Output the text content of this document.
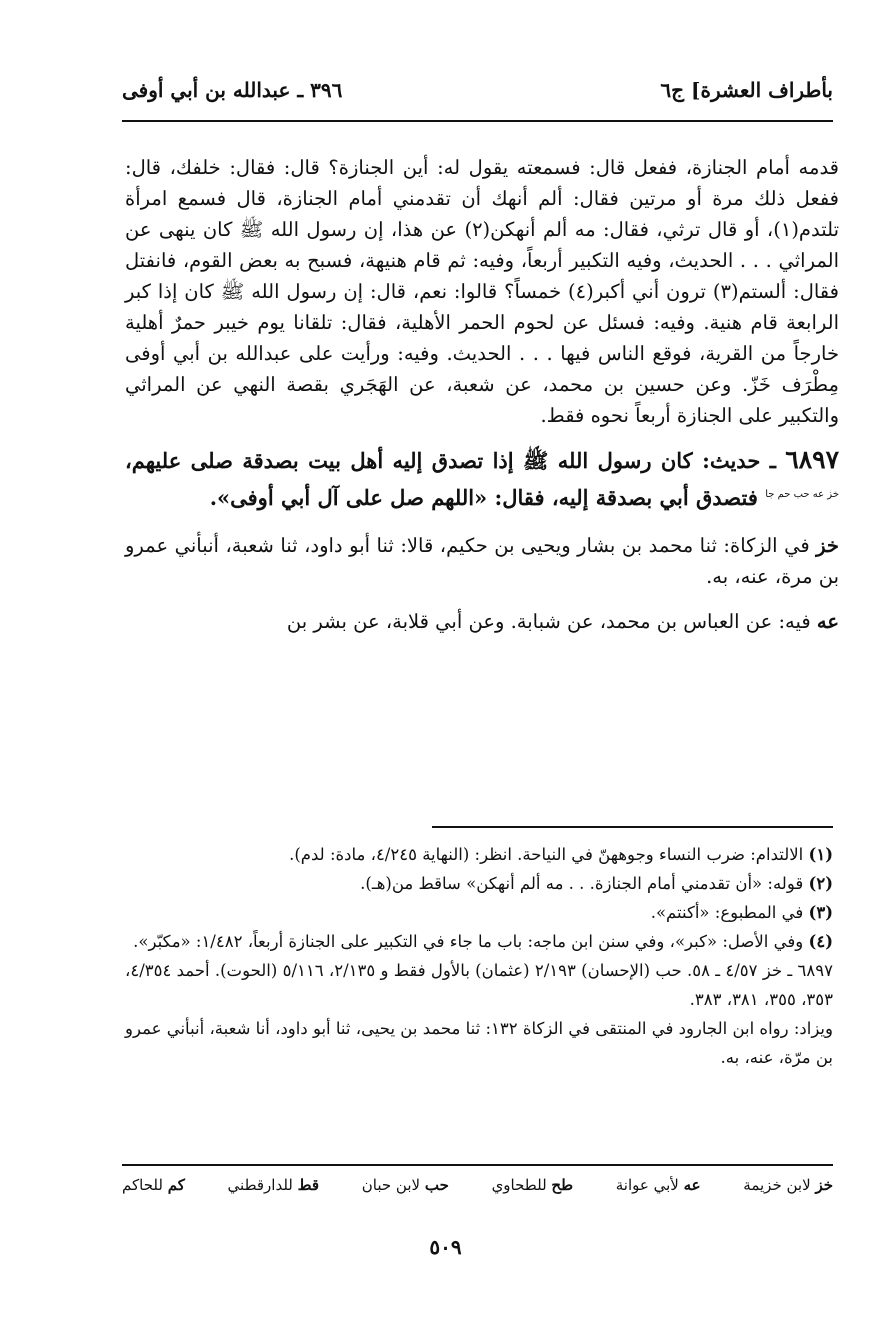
بأطراف العشرة] ج٦
٣٩٦ ـ عبدالله بن أبي أوفى

قدمه أمام الجنازة، ففعل قال: فسمعته يقول له: أين الجنازة؟ قال: فقال: خلفك، قال: ففعل ذلك مرة أو مرتين فقال: ألم أنهك أن تقدمني أمام الجنازة، قال فسمع امرأة تلتدم(١)، أو قال ترثي، فقال: مه ألم أنهكن(٢) عن هذا، إن رسول الله ﷺ كان ينهى عن المراثي . . . الحديث، وفيه التكبير أربعاً، وفيه: ثم قام هنيهة، فسبح به بعض القوم، فانفتل فقال: ألستم(٣) ترون أني أكبر(٤) خمساً؟ قالوا: نعم، قال: إن رسول الله ﷺ كان إذا كبر الرابعة قام هنية. وفيه: فسئل عن لحوم الحمر الأهلية، فقال: تلقانا يوم خيبر حمرٌ أهلية خارجاً من القرية، فوقع الناس فيها . . . الحديث. وفيه: ورأيت على عبدالله بن أبي أوفى مِطْرَف خَزّ. وعن حسين بن محمد، عن شعبة، عن الهَجَري بقصة النهي عن المراثي والتكبير على الجنازة أربعاً نحوه فقط.

٦٨٩٧ ـ حديث: كان رسول الله ﷺ إذا تصدق إليه أهل بيت بصدقة صلى عليهم، خز عه حب حم جا فتصدق أبي بصدقة إليه، فقال: «اللهم صل على آل أبي أوفى».

خز في الزكاة: ثنا محمد بن بشار ويحيى بن حكيم، قالا: ثنا أبو داود، ثنا شعبة، أنبأني عمرو بن مرة، عنه، به.

عه فيه: عن العباس بن محمد، عن شبابة. وعن أبي قلابة، عن بشر بن

(١) الالتدام: ضرب النساء وجوههنّ في النياحة. انظر: (النهاية ٤/٢٤٥، مادة: لدم).

(٢) قوله: «أن تقدمني أمام الجنازة. . . مه ألم أنهكن» ساقط من(هـ).

(٣) في المطبوع: «أكنتم».

(٤) وفي الأصل: «كبر»، وفي سنن ابن ماجه: باب ما جاء في التكبير على الجنازة أربعاً، ١/٤٨٢: «مكبّر».

٦٨٩٧ ـ خز ٤/٥٧ ـ ٥٨. حب (الإحسان) ٢/١٩٣ (عثمان) بالأول فقط و ٢/١٣٥، ٥/١١٦ (الحوت). أحمد ٤/٣٥٤، ٣٥٣، ٣٥٥، ٣٨١، ٣٨٣.

ويزاد: رواه ابن الجارود في المنتقى في الزكاة ١٣٢: ثنا محمد بن يحيى، ثنا أبو داود، أنا شعبة، أنبأني عمرو بن مرّة، عنه، به.

خز لابن خزيمة
عه لأبي عوانة
طح للطحاوي
حب لابن حبان
قط للدارقطني
كم للحاكم
٥٠٩
